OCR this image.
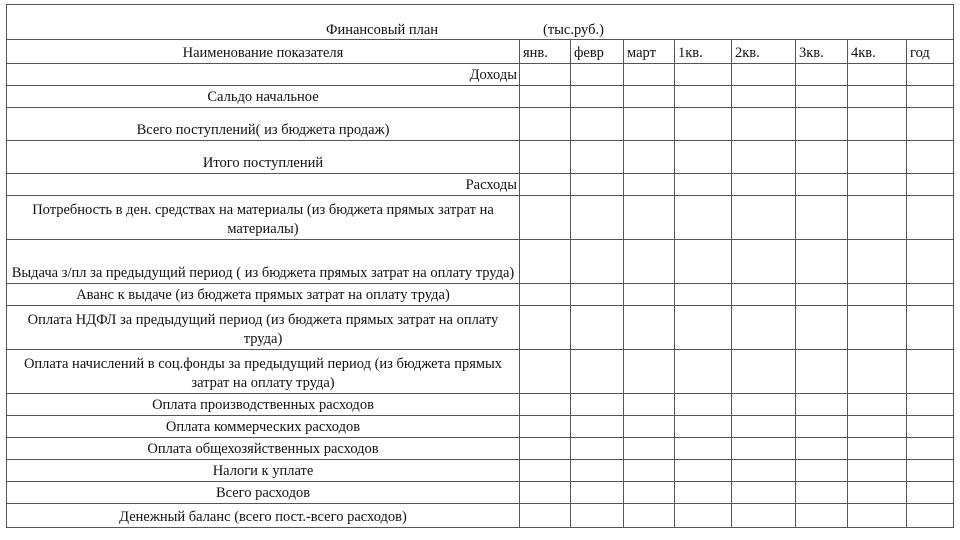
Финансовый план (тыс.руб.)								

Наименование показателя	янв.	февр	март	1кв.	2кв.	3кв.	4кв.	год
Доходы								
Сальдо начальное								
Всего поступлений( из бюджета продаж)								
Итого поступлений								
Расходы								
Потребность в ден. средствах на материалы (из бюджета прямых затрат на материалы)								
Выдача з/пл за предыдущий период ( из бюджета прямых затрат на оплату труда)								
Аванс к выдаче (из бюджета прямых затрат на оплату труда)								
Оплата НДФЛ за предыдущий период (из бюджета прямых затрат на оплату труда)								
Оплата начислений в соц.фонды за предыдущий период (из бюджета прямых затрат на оплату труда)								
Оплата производственных расходов								
Оплата коммерческих расходов								
Оплата общехозяйственных расходов								
Налоги к уплате								
Всего расходов								
Денежный баланс (всего пост.-всего расходов)								
